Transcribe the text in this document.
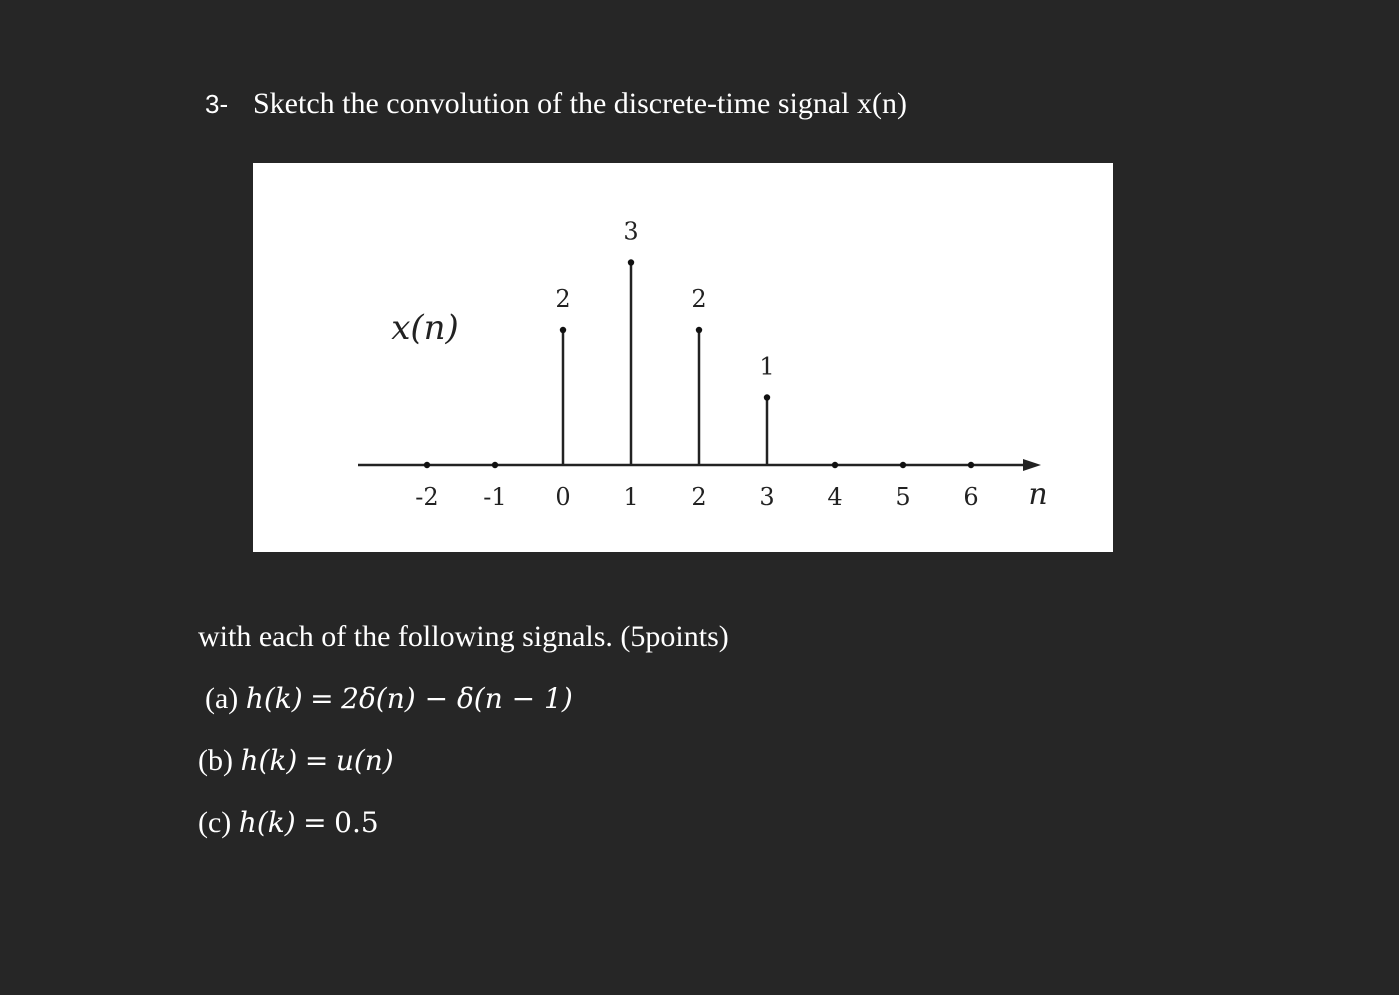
3- Sketch the convolution of the discrete-time signal x(n)
x(n)
-2 -1
2
0
3
1
2
2
1
3 4 5 6 n
with each of the following signals. (5points)
(a) h(k) = 2δ(n) − δ(n − 1)
(b) h(k) = u(n)
(c) h(k) = 0.5
